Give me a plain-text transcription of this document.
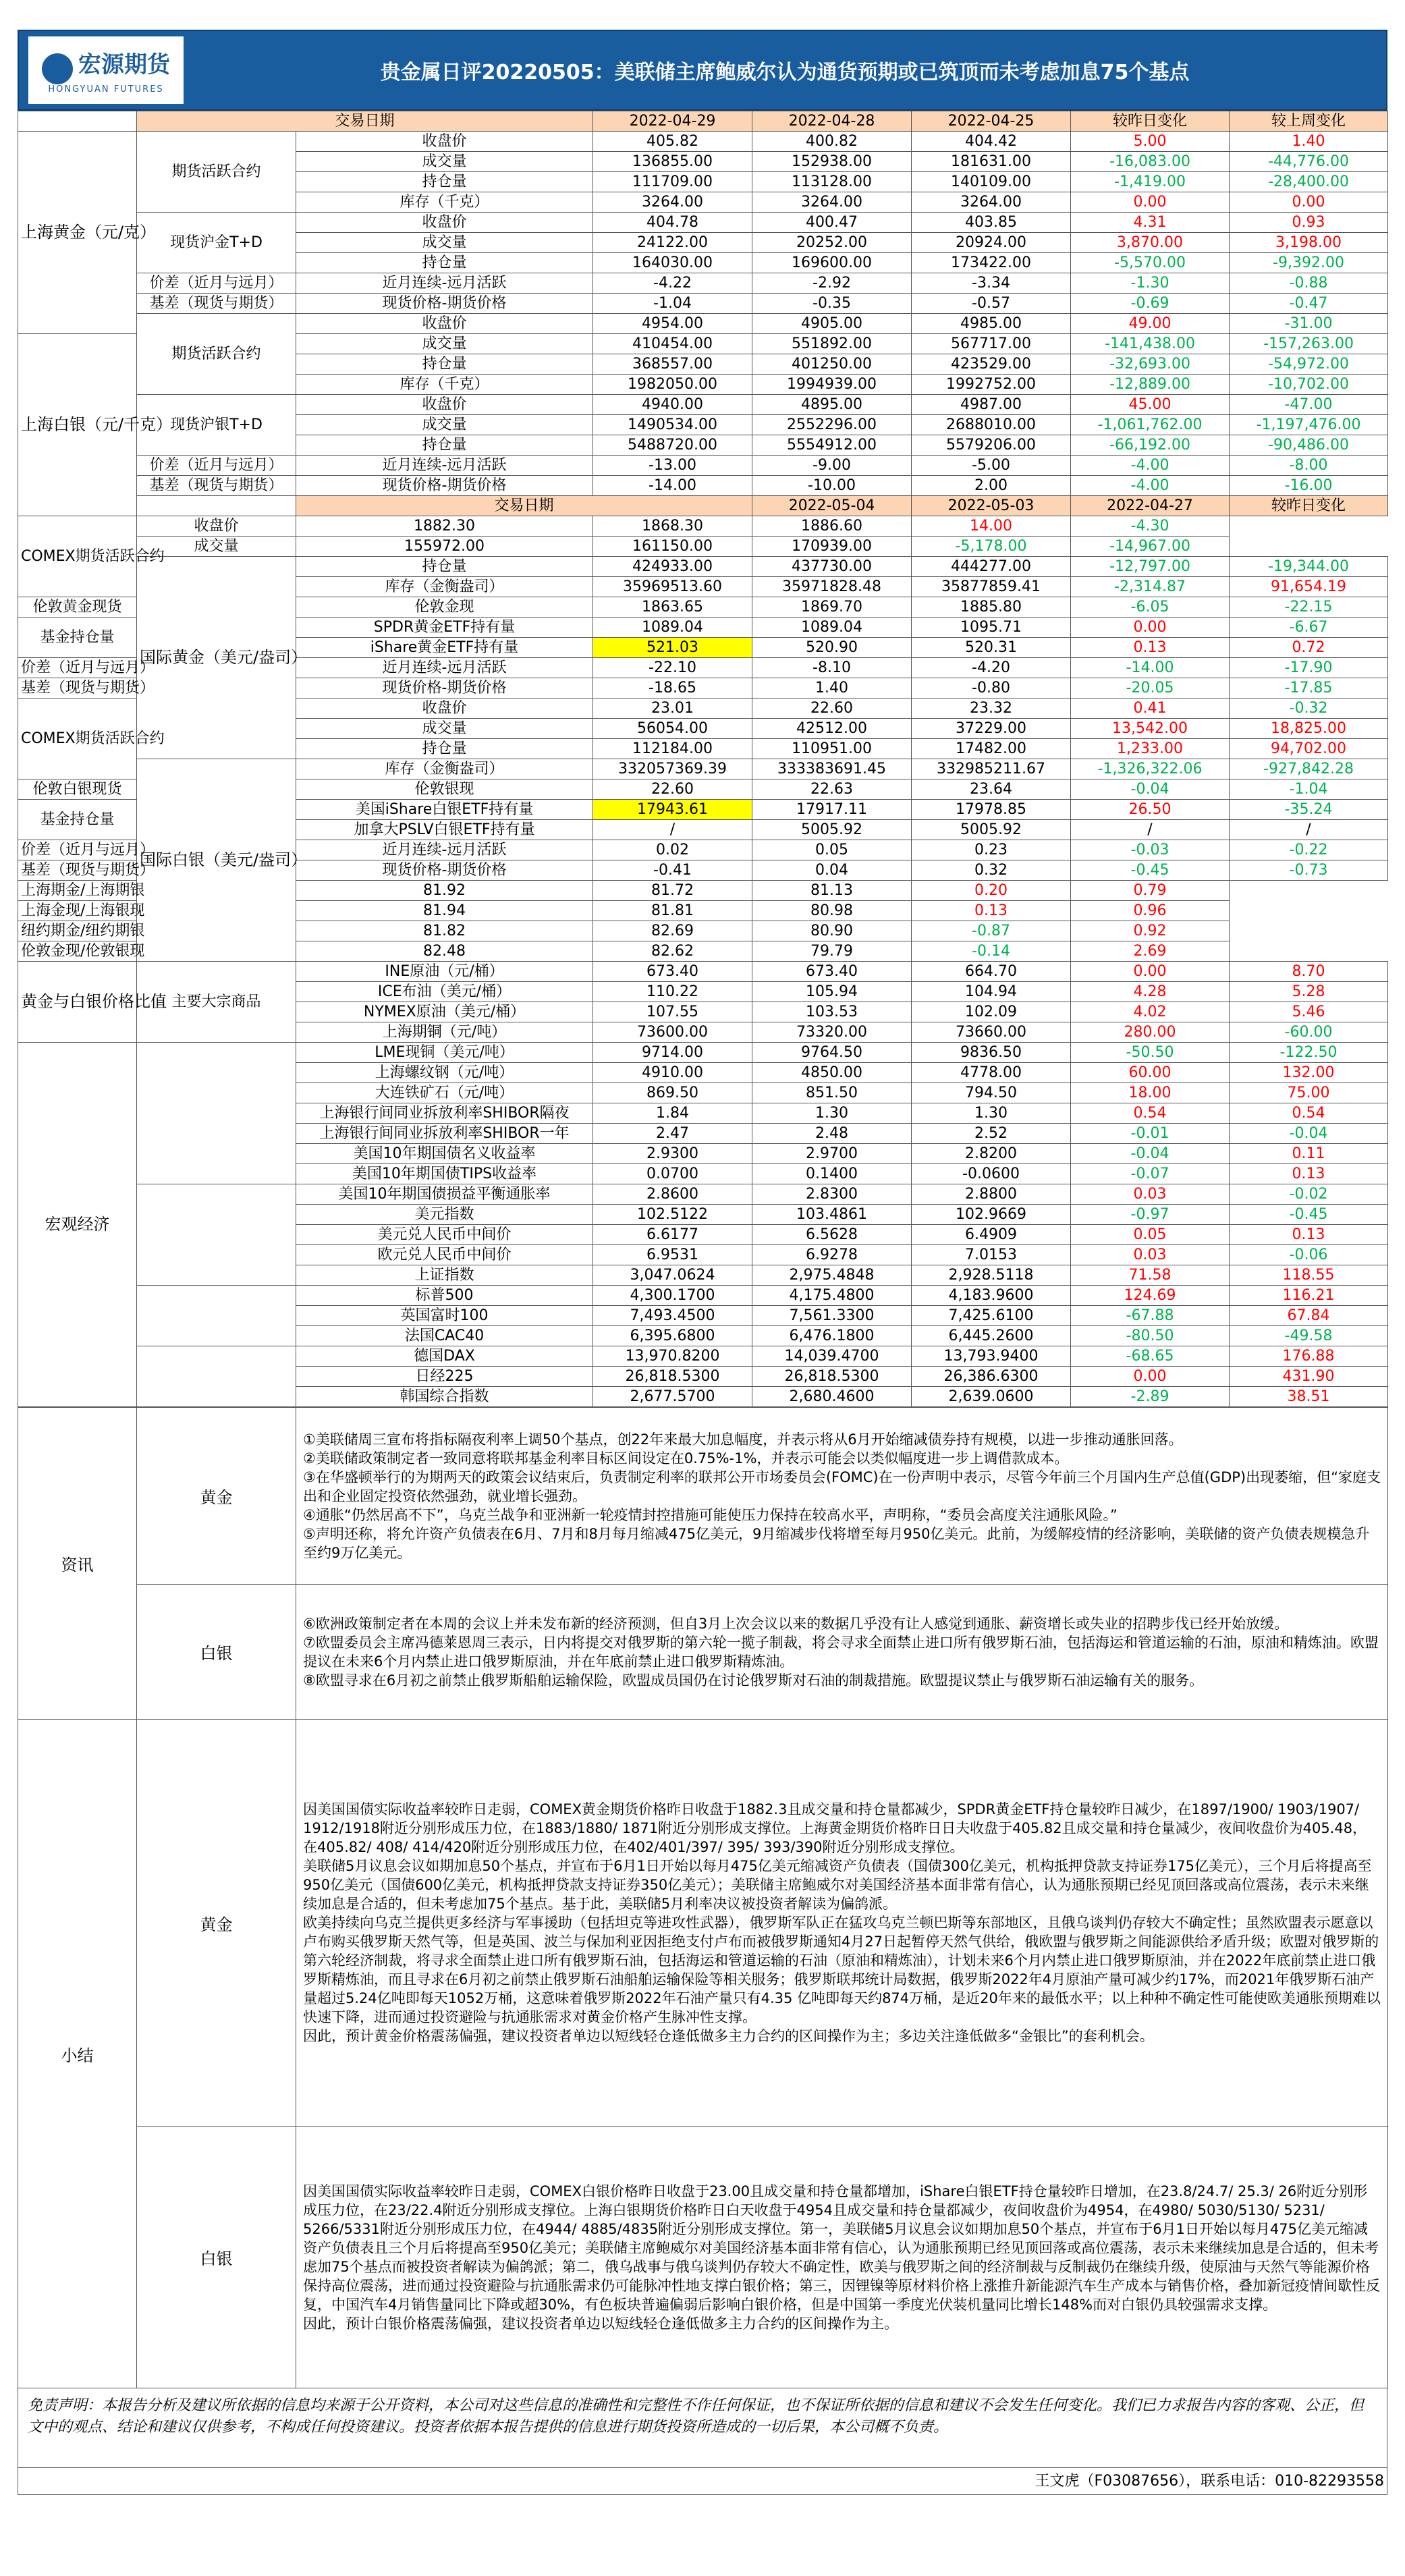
宏源期货
HONGYUAN FUTURES
贵金属日评20220505：美联储主席鲍威尔认为通货预期或已筑顶而未考虑加息75个基点
	交易日期		2022-04-29	2022-04-28	2022-04-25	较昨日变化	较上周变化	
上海黄金（元/克）	期货活跃合约	收盘价	405.82	400.82	404.42	5.00	1.40	
		成交量	136855.00	152938.00	181631.00	-16,083.00	-44,776.00	
		持仓量	111709.00	113128.00	140109.00	-1,419.00	-28,400.00	
		库存（千克）	3264.00	3264.00	3264.00	0.00	0.00	
	现货沪金T+D	收盘价	404.78	400.47	403.85	4.31	0.93	
		成交量	24122.00	20252.00	20924.00	3,870.00	3,198.00	
		持仓量	164030.00	169600.00	173422.00	-5,570.00	-9,392.00	
	价差（近月与远月）	近月连续-远月活跃	-4.22	-2.92	-3.34	-1.30	-0.88	
	基差（现货与期货）	现货价格-期货价格	-1.04	-0.35	-0.57	-0.69	-0.47	
	期货活跃合约	收盘价	4954.00	4905.00	4985.00	49.00	-31.00	
上海白银（元/千克）		成交量	410454.00	551892.00	567717.00	-141,438.00	-157,263.00	
		持仓量	368557.00	401250.00	423529.00	-32,693.00	-54,972.00	
		库存（千克）	1982050.00	1994939.00	1992752.00	-12,889.00	-10,702.00	
	现货沪银T+D	收盘价	4940.00	4895.00	4987.00	45.00	-47.00	
		成交量	1490534.00	2552296.00	2688010.00	-1,061,762.00	-1,197,476.00	
		持仓量	5488720.00	5554912.00	5579206.00	-66,192.00	-90,486.00	
	价差（近月与远月）	近月连续-远月活跃	-13.00	-9.00	-5.00	-4.00	-8.00	
	基差（现货与期货）	现货价格-期货价格	-14.00	-10.00	2.00	-4.00	-16.00	
		交易日期		2022-05-04	2022-05-03	2022-04-27	较昨日变化	
COMEX期货活跃合约	收盘价	1882.30	1868.30	1886.60	14.00	-4.30		
	成交量	155972.00	161150.00	170939.00	-5,178.00	-14,967.00		
	国际黄金（美元/盎司）	持仓量	424933.00	437730.00	444277.00	-12,797.00	-19,344.00	
		库存（金衡盎司）	35969513.60	35971828.48	35877859.41	-2,314.87	91,654.19	
伦敦黄金现货		伦敦金现	1863.65	1869.70	1885.80	-6.05	-22.15	
基金持仓量		SPDR黄金ETF持有量	1089.04	1089.04	1095.71	0.00	-6.67	
		iShare黄金ETF持有量	521.03	520.90	520.31	0.13	0.72	
价差（近月与远月）		近月连续-远月活跃	-22.10	-8.10	-4.20	-14.00	-17.90	
基差（现货与期货）		现货价格-期货价格	-18.65	1.40	-0.80	-20.05	-17.85	
COMEX期货活跃合约		收盘价	23.01	22.60	23.32	0.41	-0.32	
		成交量	56054.00	42512.00	37229.00	13,542.00	18,825.00	
		持仓量	112184.00	110951.00	17482.00	1,233.00	94,702.00	
	国际白银（美元/盎司）	库存（金衡盎司）	332057369.39	333383691.45	332985211.67	-1,326,322.06	-927,842.28	
伦敦白银现货		伦敦银现	22.60	22.63	23.64	-0.04	-1.04	
基金持仓量		美国iShare白银ETF持有量	17943.61	17917.11	17978.85	26.50	-35.24	
		加拿大PSLV白银ETF持有量	/	5005.92	5005.92	/	/	
价差（近月与远月）		近月连续-远月活跃	0.02	0.05	0.23	-0.03	-0.22	
基差（现货与期货）		现货价格-期货价格	-0.41	0.04	0.32	-0.45	-0.73	
上海期金/上海期银		81.92	81.72	81.13	0.20	0.79		
上海金现/上海银现		81.94	81.81	80.98	0.13	0.96		
纽约期金/纽约期银		81.82	82.69	80.90	-0.87	0.92		
伦敦金现/伦敦银现		82.48	82.62	79.79	-0.14	2.69		
黄金与白银价格比值	主要大宗商品	INE原油（元/桶）	673.40	673.40	664.70	0.00	8.70	
		ICE布油（美元/桶）	110.22	105.94	104.94	4.28	5.28	
		NYMEX原油（美元/桶）	107.55	103.53	102.09	4.02	5.46	
		上海期铜（元/吨）	73600.00	73320.00	73660.00	280.00	-60.00	
宏观经济		LME现铜（美元/吨）	9714.00	9764.50	9836.50	-50.50	-122.50	
		上海螺纹钢（元/吨）	4910.00	4850.00	4778.00	60.00	132.00	
		大连铁矿石（元/吨）	869.50	851.50	794.50	18.00	75.00	
		上海银行间同业拆放利率SHIBOR隔夜	1.84	1.30	1.30	0.54	0.54	
		上海银行间同业拆放利率SHIBOR一年	2.47	2.48	2.52	-0.01	-0.04	
		美国10年期国债名义收益率	2.9300	2.9700	2.8200	-0.04	0.11	
		美国10年期国债TIPS收益率	0.0700	0.1400	-0.0600	-0.07	0.13	
		美国10年期国债损益平衡通胀率	2.8600	2.8300	2.8800	0.03	-0.02	
		美元指数	102.5122	103.4861	102.9669	-0.97	-0.45	
		美元兑人民币中间价	6.6177	6.5628	6.4909	0.05	0.13	
		欧元兑人民币中间价	6.9531	6.9278	7.0153	0.03	-0.06	
		上证指数	3,047.0624	2,975.4848	2,928.5118	71.58	118.55	
		标普500	4,300.1700	4,175.4800	4,183.9600	124.69	116.21	
		英国富时100	7,493.4500	7,561.3300	7,425.6100	-67.88	67.84	
		法国CAC40	6,395.6800	6,476.1800	6,445.2600	-80.50	-49.58	
		德国DAX	13,970.8200	14,039.4700	13,793.9400	-68.65	176.88	
		日经225	26,818.5300	26,818.5300	26,386.6300	0.00	431.90	
		韩国综合指数	2,677.5700	2,680.4600	2,639.0600	-2.89	38.51	
资讯	黄金	①美联储周三宣布将指标隔夜利率上调50个基点，创22年来最大加息幅度，并表示将从6月开始缩减债券持有规模，以进一步推动通胀回落。

②美联储政策制定者一致同意将联邦基金利率目标区间设定在0.75%-1%，并表示可能会以类似幅度进一步上调借款成本。

③在华盛顿举行的为期两天的政策会议结束后，负责制定利率的联邦公开市场委员会(FOMC)在一份声明中表示，尽管今年前三个月国内生产总值(GDP)出现萎缩，但“家庭支出和企业固定投资依然强劲，就业增长强劲。

④通胀“仍然居高不下”，乌克兰战争和亚洲新一轮疫情封控措施可能使压力保持在较高水平，声明称，“委员会高度关注通胀风险。”

⑤声明还称，将允许资产负债表在6月、7月和8月每月缩减475亿美元，9月缩减步伐将增至每月950亿美元。此前，为缓解疫情的经济影响，美联储的资产负债表规模急升至约9万亿美元。

	白银	⑥欧洲政策制定者在本周的会议上并未发布新的经济预测，但自3月上次会议以来的数据几乎没有让人感觉到通胀、薪资增长或失业的招聘步伐已经开始放缓。

⑦欧盟委员会主席冯德莱恩周三表示，日内将提交对俄罗斯的第六轮一揽子制裁，将会寻求全面禁止进口所有俄罗斯石油，包括海运和管道运输的石油，原油和精炼油。欧盟提议在未来6个月内禁止进口俄罗斯原油，并在年底前禁止进口俄罗斯精炼油。

⑧欧盟寻求在6月初之前禁止俄罗斯船舶运输保险，欧盟成员国仍在讨论俄罗斯对石油的制裁措施。欧盟提议禁止与俄罗斯石油运输有关的服务。

小结	黄金	因美国国债实际收益率较昨日走弱，COMEX黄金期货价格昨日收盘于1882.3且成交量和持仓量都减少，SPDR黄金ETF持仓量较昨日减少，在1897/1900/ 1903/1907/ 1912/1918附近分别形成压力位，在1883/1880/ 1871附近分别形成支撑位。上海黄金期货价格昨日日夫收盘于405.82且成交量和持仓量减少，夜间收盘价为405.48，在405.82/ 408/ 414/420附近分别形成压力位，在402/401/397/ 395/ 393/390附近分别形成支撑位。

美联储5月议息会议如期加息50个基点，并宣布于6月1日开始以每月475亿美元缩减资产负债表（国债300亿美元，机构抵押贷款支持证券175亿美元），三个月后将提高至950亿美元（国债600亿美元，机构抵押贷款支持证券350亿美元）；美联储主席鲍威尔对美国经济基本面非常有信心，认为通胀预期已经见顶回落或高位震荡，表示未来继续加息是合适的，但未考虑加75个基点。基于此，美联储5月利率决议被投资者解读为偏鸽派。

欧美持续向乌克兰提供更多经济与军事援助（包括坦克等进攻性武器），俄罗斯军队正在猛攻乌克兰顿巴斯等东部地区，且俄乌谈判仍存较大不确定性；虽然欧盟表示愿意以卢布购买俄罗斯天然气等，但是英国、波兰与保加利亚因拒绝支付卢布而被俄罗斯通知4月27日起暂停天然气供给，俄欧盟与俄罗斯之间能源供给矛盾升级；欧盟对俄罗斯的第六轮经济制裁，将寻求全面禁止进口所有俄罗斯石油，包括海运和管道运输的石油（原油和精炼油），计划未来6个月内禁止进口俄罗斯原油，并在2022年底前禁止进口俄罗斯精炼油，而且寻求在6月初之前禁止俄罗斯石油船舶运输保险等相关服务；俄罗斯联邦统计局数据，俄罗斯2022年4月原油产量可减少约17%，而2021年俄罗斯石油产量超过5.24亿吨即每天1052万桶，这意味着俄罗斯2022年石油产量只有4.35 亿吨即每天约874万桶，是近20年来的最低水平；以上种种不确定性可能使欧美通胀预期难以快速下降，进而通过投资避险与抗通胀需求对黄金价格产生脉冲性支撑。

因此，预计黄金价格震荡偏强，建议投资者单边以短线轻仓逢低做多主力合约的区间操作为主；多边关注逢低做多“金银比”的套利机会。

	白银	因美国国债实际收益率较昨日走弱，COMEX白银价格昨日收盘于23.00且成交量和持仓量都增加，iShare白银ETF持仓量较昨日增加，在23.8/24.7/ 25.3/ 26附近分别形成压力位，在23/22.4附近分别形成支撑位。上海白银期货价格昨日白天收盘于4954且成交量和持仓量都减少，夜间收盘价为4954，在4980/ 5030/5130/ 5231/ 5266/5331附近分别形成压力位，在4944/ 4885/4835附近分别形成支撑位。第一，美联储5月议息会议如期加息50个基点，并宣布于6月1日开始以每月475亿美元缩减资产负债表且三个月后将提高至950亿美元；美联储主席鲍威尔对美国经济基本面非常有信心，认为通胀预期已经见顶回落或高位震荡，表示未来继续加息是合适的，但未考虑加75个基点而被投资者解读为偏鸽派；第二，俄乌战事与俄乌谈判仍存较大不确定性，欧美与俄罗斯之间的经济制裁与反制裁仍在继续升级，使原油与天然气等能源价格保持高位震荡，进而通过投资避险与抗通胀需求仍可能脉冲性地支撑白银价格；第三，因锂镍等原材料价格上涨推升新能源汽车生产成本与销售价格，叠加新冠疫情间歇性反复，中国汽车4月销售量同比下降或超30%，有色板块普遍偏弱后影响白银价格，但是中国第一季度光伏装机量同比增长148%而对白银仍具较强需求支撑。

因此，预计白银价格震荡偏强，建议投资者单边以短线轻仓逢低做多主力合约的区间操作为主。

免责声明：本报告分析及建议所依据的信息均来源于公开资料，本公司对这些信息的准确性和完整性不作任何保证，也不保证所依据的信息和建议不会发生任何变化。我们已力求报告内容的客观、公正，但文中的观点、结论和建议仅供参考，不构成任何投资建议。投资者依据本报告提供的信息进行期货投资所造成的一切后果，本公司概不负责。
王文虎（F03087656），联系电话：010-82293558
